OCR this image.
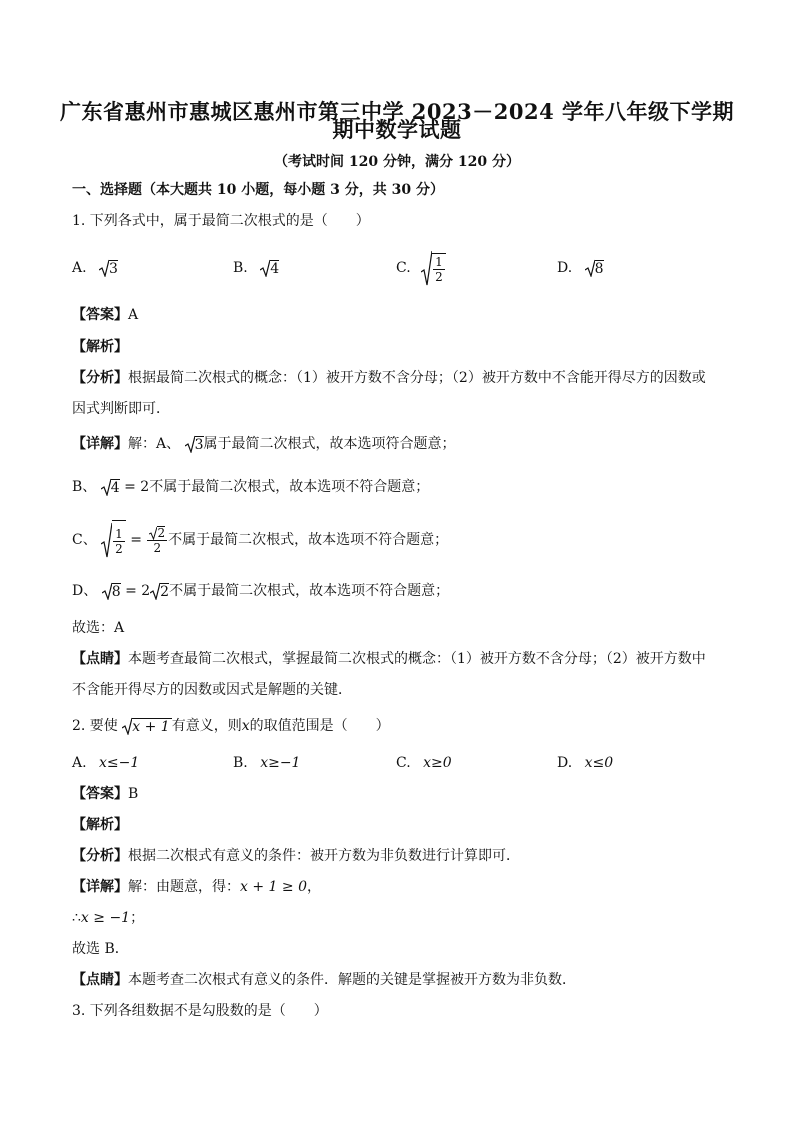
广东省惠州市惠城区惠州市第三中学 2023－2024 学年八年级下学期
期中数学试题
（考试时间 120 分钟，满分 120 分）
一、选择题（本大题共 10 小题，每小题 3 分，共 30 分）
1. 下列各式中，属于最简二次根式的是（　　）
A. 3	B. 4	C. $\frac{1}{2}$	D. 8
【答案】A
【解析】
【分析】根据最简二次根式的概念：（1）被开方数不含分母；（2）被开方数中不含能开得尽方的因数或
因式判断即可．
【详解】解：A、 3 属于最简二次根式，故本选项符合题意；
B、 4 = 2不属于最简二次根式，故本选项不符合题意；
C、 $\frac{1}{2} = \frac{2}{2}$ 不属于最简二次根式，故本选项不符合题意；
D、 8 = 2 2 不属于最简二次根式，故本选项不符合题意；
故选：A
【点睛】本题考查最简二次根式，掌握最简二次根式的概念：（1）被开方数不含分母；（2）被开方数中
不含能开得尽方的因数或因式是解题的关键．
2. 要使 x + 1 有意义，则x的取值范围是（　　）
A. x≤−1	B. x≥−1	C. x≥0	D. x≤0
【答案】B
【解析】
【分析】根据二次根式有意义的条件：被开方数为非负数进行计算即可．
【详解】解：由题意，得：x + 1 ≥ 0，
∴x ≥ −1；
故选 B．
【点睛】本题考查二次根式有意义的条件．解题的关键是掌握被开方数为非负数．
3. 下列各组数据不是勾股数的是（　　）
